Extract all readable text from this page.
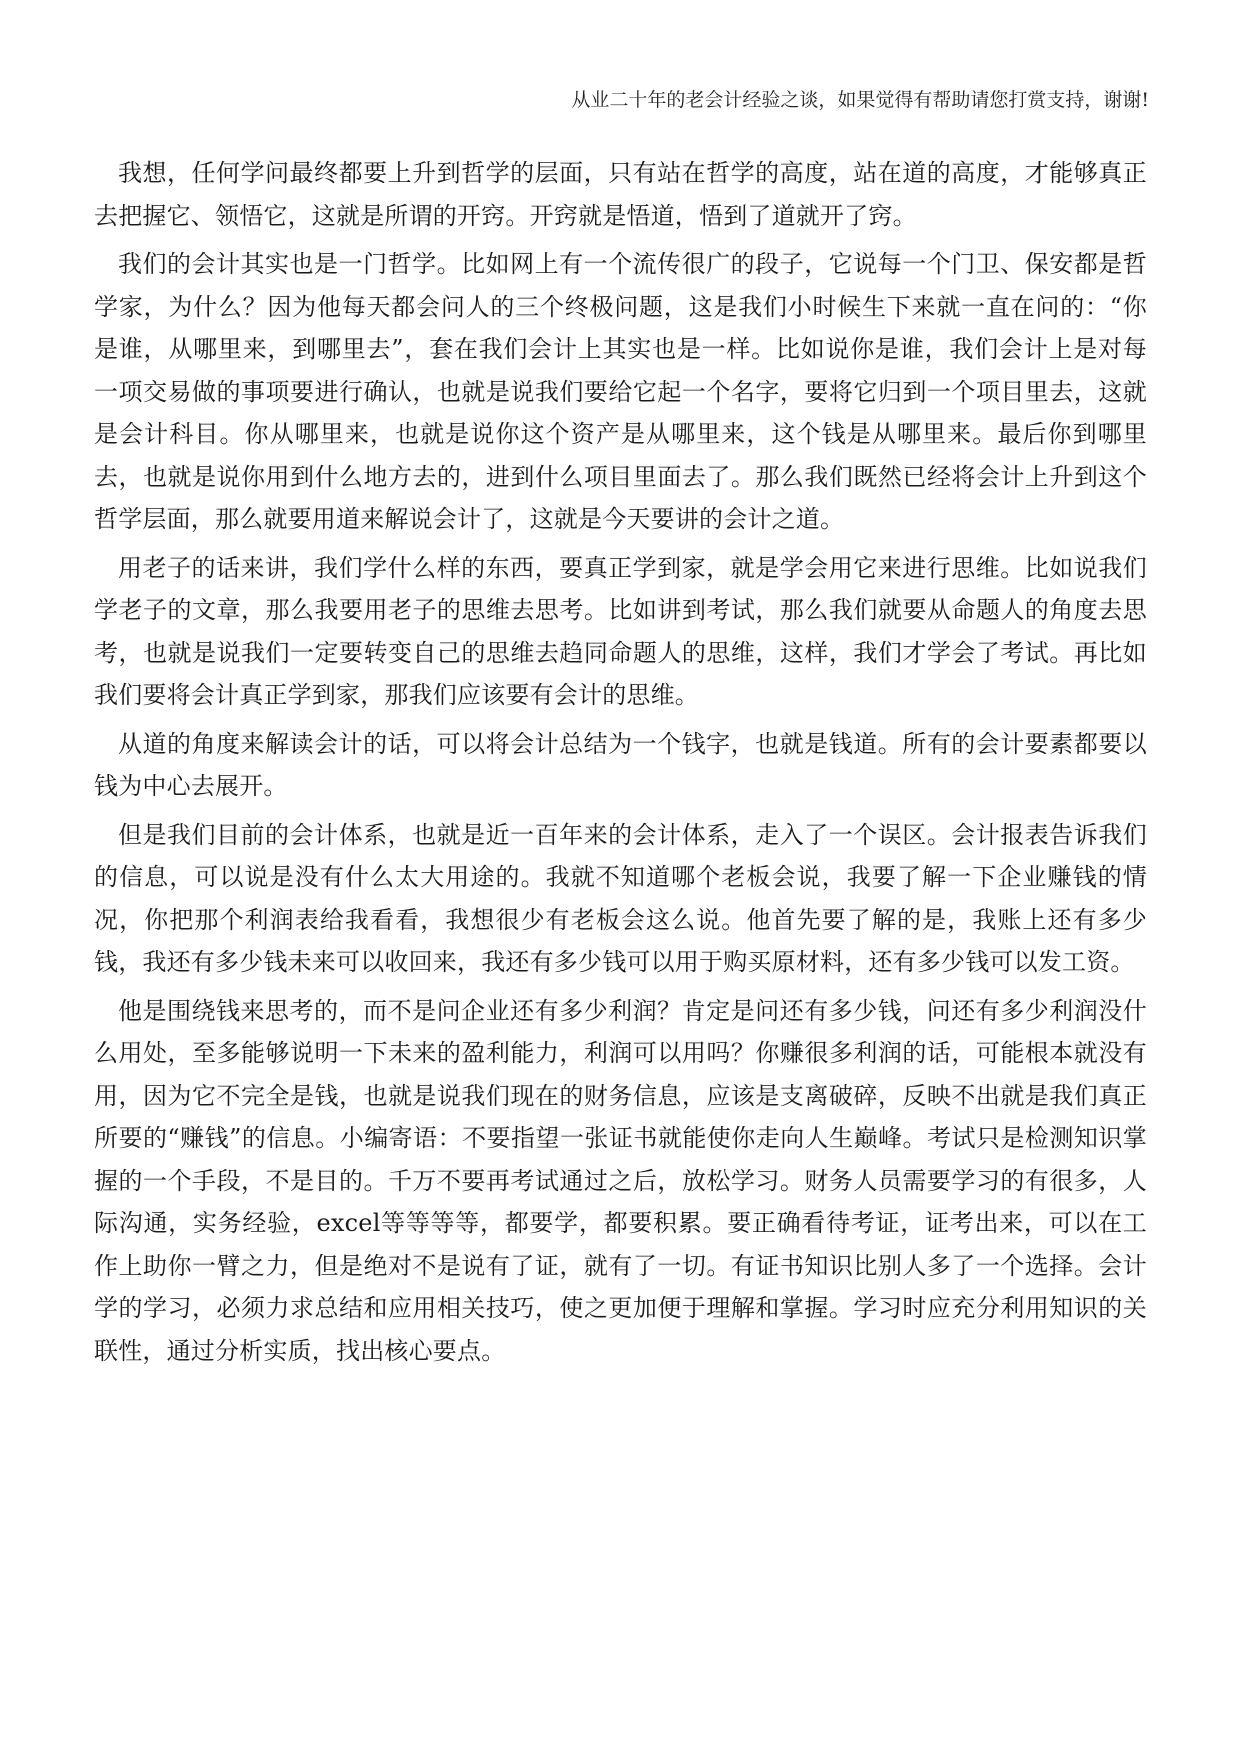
从业二十年的老会计经验之谈，如果觉得有帮助请您打赏支持，谢谢!

我想，任何学问最终都要上升到哲学的层面，只有站在哲学的高度，站在道的高度，才能够真正去把握它、领悟它，这就是所谓的开窍。开窍就是悟道，悟到了道就开了窍。

我们的会计其实也是一门哲学。比如网上有一个流传很广的段子，它说每一个门卫、保安都是哲学家，为什么？因为他每天都会问人的三个终极问题，这是我们小时候生下来就一直在问的：“你是谁，从哪里来，到哪里去”，套在我们会计上其实也是一样。比如说你是谁，我们会计上是对每一项交易做的事项要进行确认，也就是说我们要给它起一个名字，要将它归到一个项目里去，这就是会计科目。你从哪里来，也就是说你这个资产是从哪里来，这个钱是从哪里来。最后你到哪里去，也就是说你用到什么地方去的，进到什么项目里面去了。那么我们既然已经将会计上升到这个哲学层面，那么就要用道来解说会计了，这就是今天要讲的会计之道。

用老子的话来讲，我们学什么样的东西，要真正学到家，就是学会用它来进行思维。比如说我们学老子的文章，那么我要用老子的思维去思考。比如讲到考试，那么我们就要从命题人的角度去思考，也就是说我们一定要转变自己的思维去趋同命题人的思维，这样，我们才学会了考试。再比如我们要将会计真正学到家，那我们应该要有会计的思维。

从道的角度来解读会计的话，可以将会计总结为一个钱字，也就是钱道。所有的会计要素都要以钱为中心去展开。

但是我们目前的会计体系，也就是近一百年来的会计体系，走入了一个误区。会计报表告诉我们的信息，可以说是没有什么太大用途的。我就不知道哪个老板会说，我要了解一下企业赚钱的情况，你把那个利润表给我看看，我想很少有老板会这么说。他首先要了解的是，我账上还有多少钱，我还有多少钱未来可以收回来，我还有多少钱可以用于购买原材料，还有多少钱可以发工资。

他是围绕钱来思考的，而不是问企业还有多少利润？肯定是问还有多少钱，问还有多少利润没什么用处，至多能够说明一下未来的盈利能力，利润可以用吗？你赚很多利润的话，可能根本就没有用，因为它不完全是钱，也就是说我们现在的财务信息，应该是支离破碎，反映不出就是我们真正所要的“赚钱”的信息。小编寄语：不要指望一张证书就能使你走向人生巅峰。考试只是检测知识掌握的一个手段，不是目的。千万不要再考试通过之后，放松学习。财务人员需要学习的有很多，人际沟通，实务经验，excel等等等等，都要学，都要积累。要正确看待考证，证考出来，可以在工作上助你一臂之力，但是绝对不是说有了证，就有了一切。有证书知识比别人多了一个选择。会计学的学习，必须力求总结和应用相关技巧，使之更加便于理解和掌握。学习时应充分利用知识的关联性，通过分析实质，找出核心要点。
